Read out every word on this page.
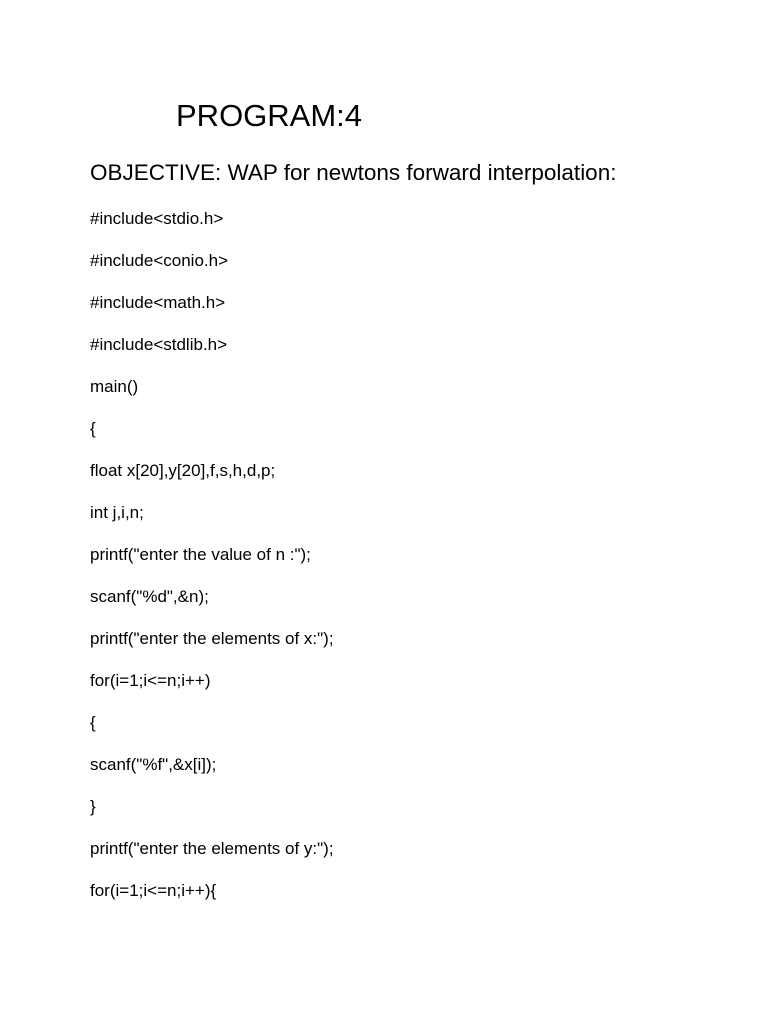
PROGRAM:4
OBJECTIVE: WAP for newtons forward interpolation:
#include<stdio.h>
#include<conio.h>
#include<math.h>
#include<stdlib.h>
main()
{
float x[20],y[20],f,s,h,d,p;
int j,i,n;
printf("enter the value of n :");
scanf("%d",&n);
printf("enter the elements of x:");
for(i=1;i<=n;i++)
{
scanf("%f",&x[i]);
}
printf("enter the elements of y:");
for(i=1;i<=n;i++){
